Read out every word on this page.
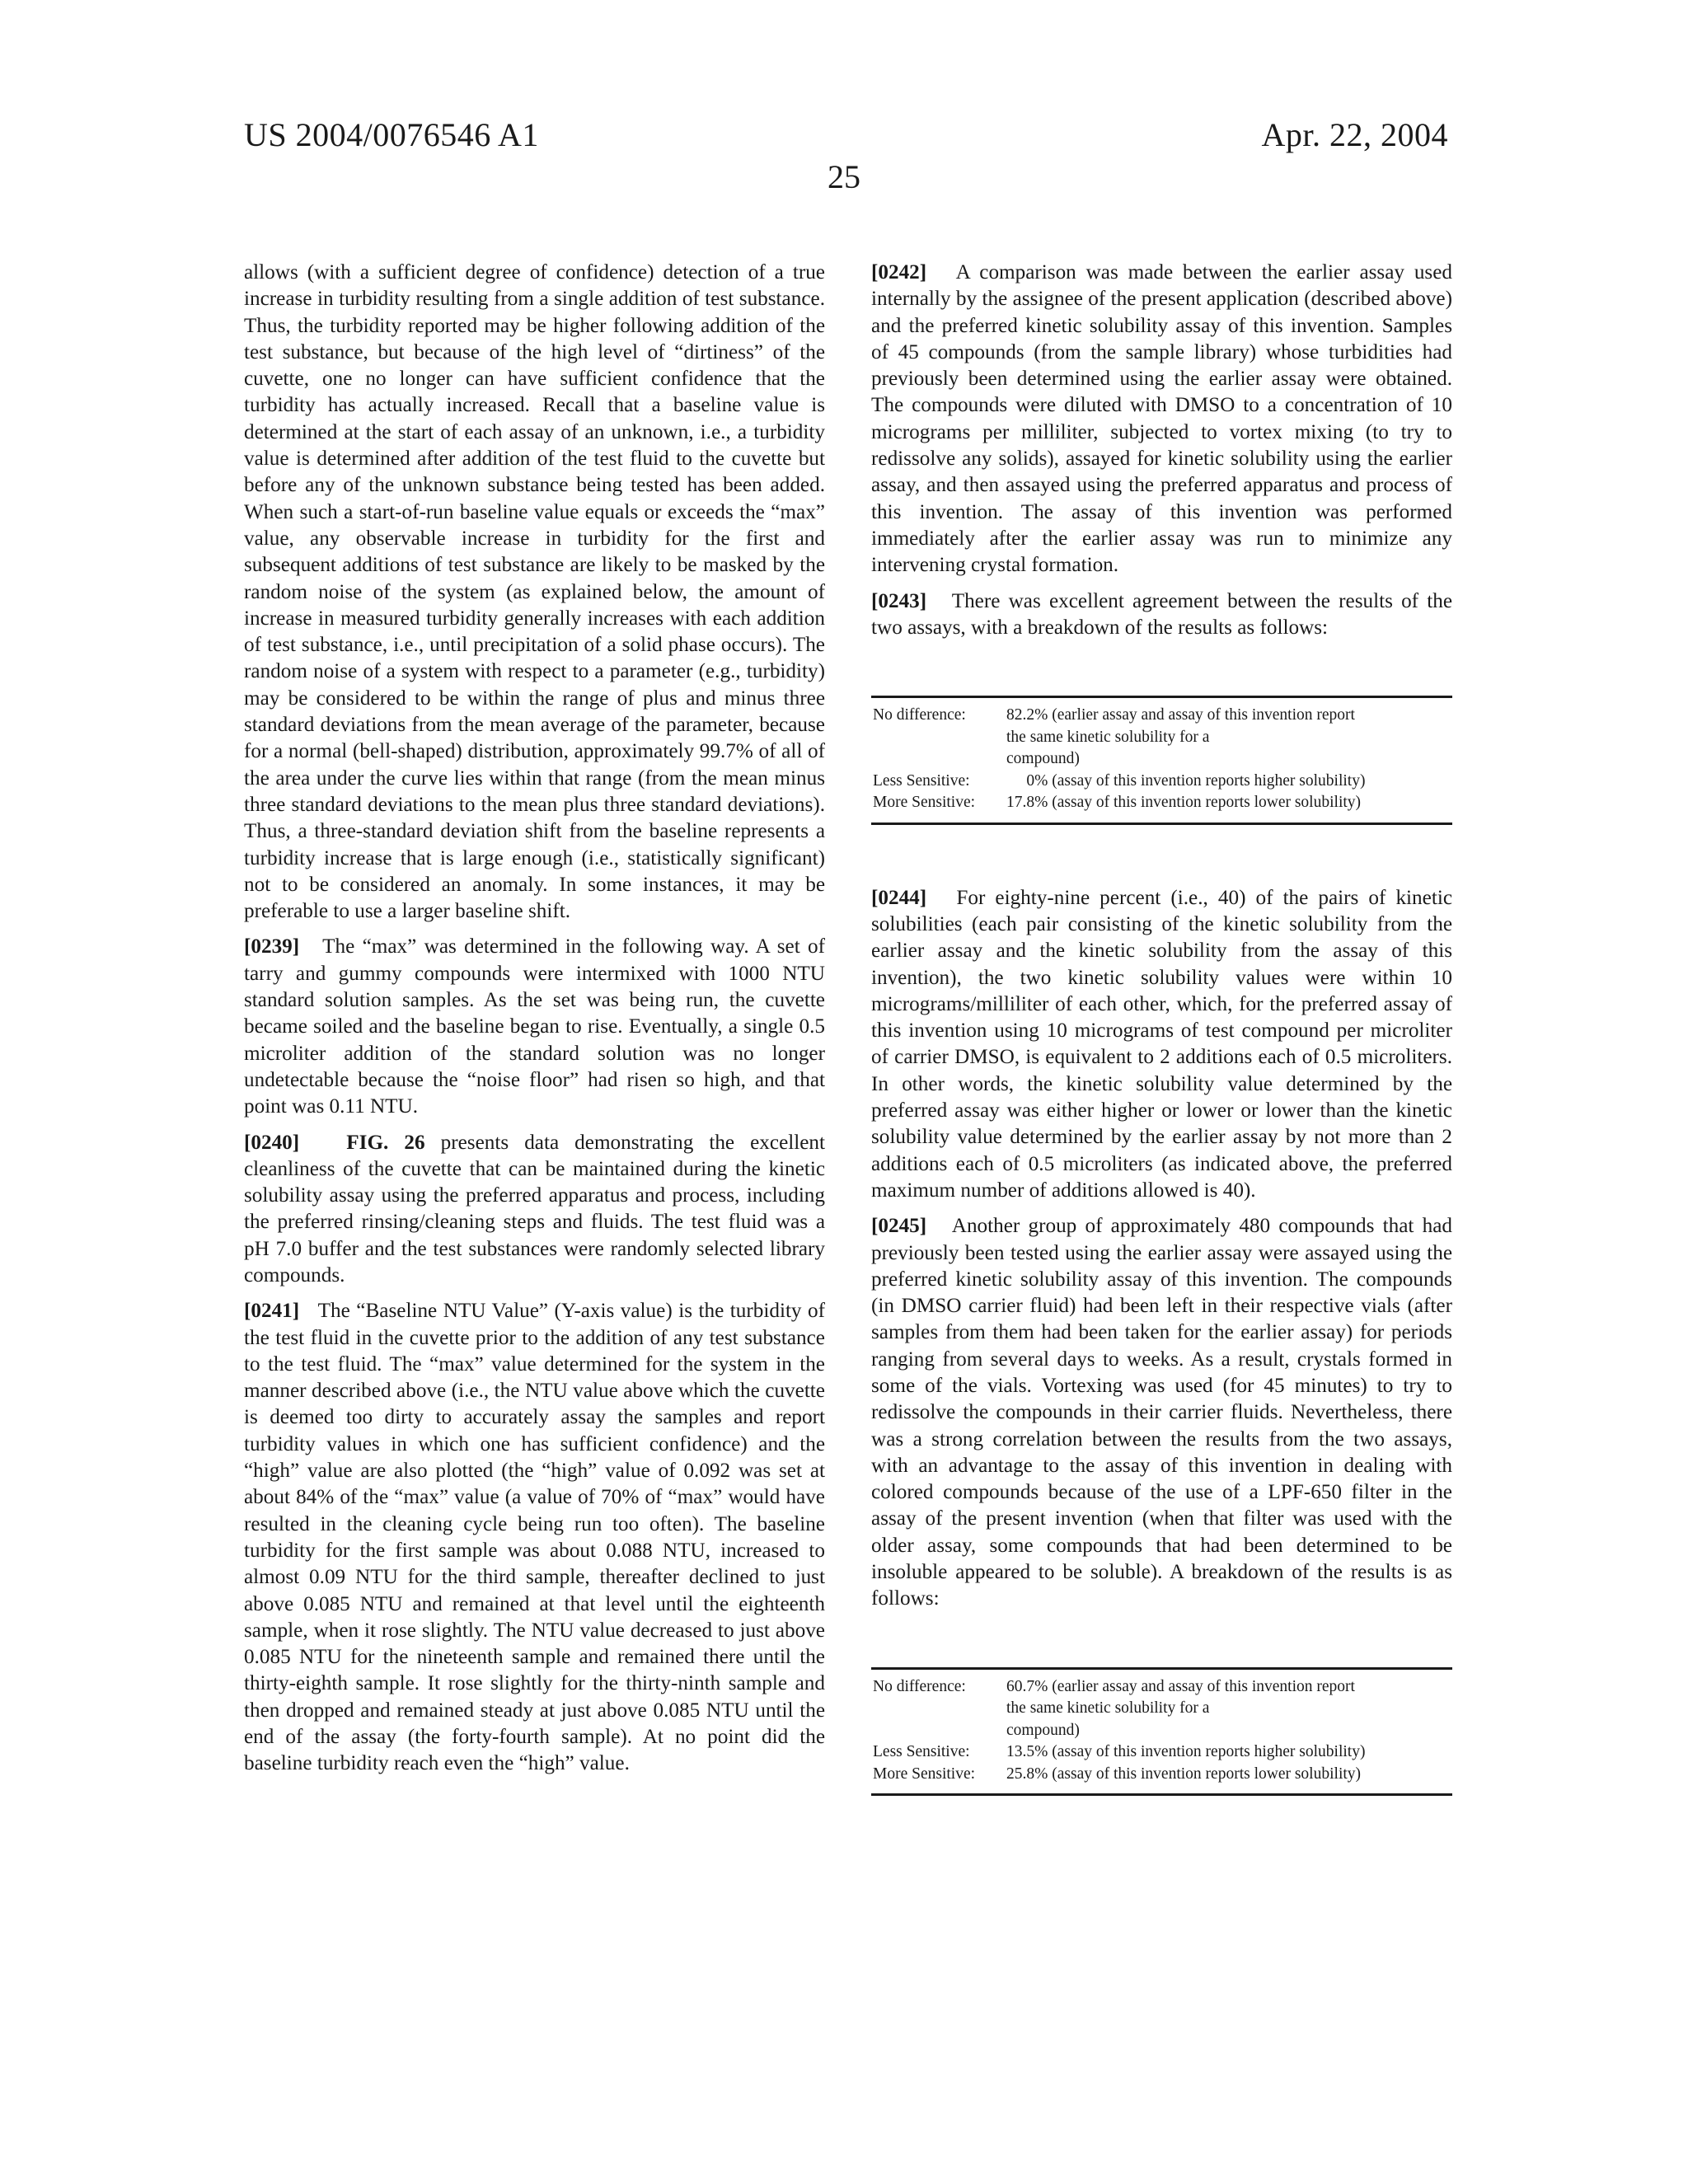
US 2004/0076546 A1	Apr. 22, 2004
25

allows (with a sufficient degree of confidence) detection of a true increase in turbidity resulting from a single addition of test substance. Thus, the turbidity reported may be higher following addition of the test substance, but because of the high level of “dirtiness” of the cuvette, one no longer can have sufficient confidence that the turbidity has actually increased. Recall that a baseline value is determined at the start of each assay of an unknown, i.e., a turbidity value is determined after addition of the test fluid to the cuvette but before any of the unknown substance being tested has been added. When such a start-of-run baseline value equals or exceeds the “max” value, any observable increase in turbidity for the first and subsequent additions of test substance are likely to be masked by the random noise of the system (as explained below, the amount of increase in measured turbidity generally increases with each addition of test substance, i.e., until precipitation of a solid phase occurs). The random noise of a system with respect to a parameter (e.g., turbidity) may be considered to be within the range of plus and minus three standard deviations from the mean average of the parameter, because for a normal (bell-shaped) distribution, approximately 99.7% of all of the area under the curve lies within that range (from the mean minus three standard deviations to the mean plus three standard deviations). Thus, a three-standard deviation shift from the baseline represents a turbidity increase that is large enough (i.e., statistically significant) not to be considered an anomaly. In some instances, it may be preferable to use a larger baseline shift.

[0239] The “max” was determined in the following way. A set of tarry and gummy compounds were intermixed with 1000 NTU standard solution samples. As the set was being run, the cuvette became soiled and the baseline began to rise. Eventually, a single 0.5 microliter addition of the standard solution was no longer undetectable because the “noise floor” had risen so high, and that point was 0.11 NTU.

[0240] FIG. 26 presents data demonstrating the excellent cleanliness of the cuvette that can be maintained during the kinetic solubility assay using the preferred apparatus and process, including the preferred rinsing/cleaning steps and fluids. The test fluid was a pH 7.0 buffer and the test substances were randomly selected library compounds.

[0241] The “Baseline NTU Value” (Y-axis value) is the turbidity of the test fluid in the cuvette prior to the addition of any test substance to the test fluid. The “max” value determined for the system in the manner described above (i.e., the NTU value above which the cuvette is deemed too dirty to accurately assay the samples and report turbidity values in which one has sufficient confidence) and the “high” value are also plotted (the “high” value of 0.092 was set at about 84% of the “max” value (a value of 70% of “max” would have resulted in the cleaning cycle being run too often). The baseline turbidity for the first sample was about 0.088 NTU, increased to almost 0.09 NTU for the third sample, thereafter declined to just above 0.085 NTU and remained at that level until the eighteenth sample, when it rose slightly. The NTU value decreased to just above 0.085 NTU for the nineteenth sample and remained there until the thirty-eighth sample. It rose slightly for the thirty-ninth sample and then dropped and remained steady at just above 0.085 NTU until the end of the assay (the forty-fourth sample). At no point did the baseline turbidity reach even the “high” value.

[0242] A comparison was made between the earlier assay used internally by the assignee of the present application (described above) and the preferred kinetic solubility assay of this invention. Samples of 45 compounds (from the sample library) whose turbidities had previously been determined using the earlier assay were obtained. The compounds were diluted with DMSO to a concentration of 10 micrograms per milliliter, subjected to vortex mixing (to try to redissolve any solids), assayed for kinetic solubility using the earlier assay, and then assayed using the preferred apparatus and process of this invention. The assay of this invention was performed immediately after the earlier assay was run to minimize any intervening crystal formation.

[0243] There was excellent agreement between the results of the two assays, with a breakdown of the results as follows:

No difference:	82.2% (earlier assay and assay of this invention report
the same kinetic solubility for a
compound)
Less Sensitive:	0% (assay of this invention reports higher solubility)
More Sensitive:	17.8% (assay of this invention reports lower solubility)

[0244] For eighty-nine percent (i.e., 40) of the pairs of kinetic solubilities (each pair consisting of the kinetic solubility from the earlier assay and the kinetic solubility from the assay of this invention), the two kinetic solubility values were within 10 micrograms/milliliter of each other, which, for the preferred assay of this invention using 10 micrograms of test compound per microliter of carrier DMSO, is equivalent to 2 additions each of 0.5 microliters. In other words, the kinetic solubility value determined by the preferred assay was either higher or lower or lower than the kinetic solubility value determined by the earlier assay by not more than 2 additions each of 0.5 microliters (as indicated above, the preferred maximum number of additions allowed is 40).

[0245] Another group of approximately 480 compounds that had previously been tested using the earlier assay were assayed using the preferred kinetic solubility assay of this invention. The compounds (in DMSO carrier fluid) had been left in their respective vials (after samples from them had been taken for the earlier assay) for periods ranging from several days to weeks. As a result, crystals formed in some of the vials. Vortexing was used (for 45 minutes) to try to redissolve the compounds in their carrier fluids. Nevertheless, there was a strong correlation between the results from the two assays, with an advantage to the assay of this invention in dealing with colored compounds because of the use of a LPF-650 filter in the assay of the present invention (when that filter was used with the older assay, some compounds that had been determined to be insoluble appeared to be soluble). A breakdown of the results is as follows:

No difference:	60.7% (earlier assay and assay of this invention report
the same kinetic solubility for a
compound)
Less Sensitive:	13.5% (assay of this invention reports higher solubility)
More Sensitive:	25.8% (assay of this invention reports lower solubility)
